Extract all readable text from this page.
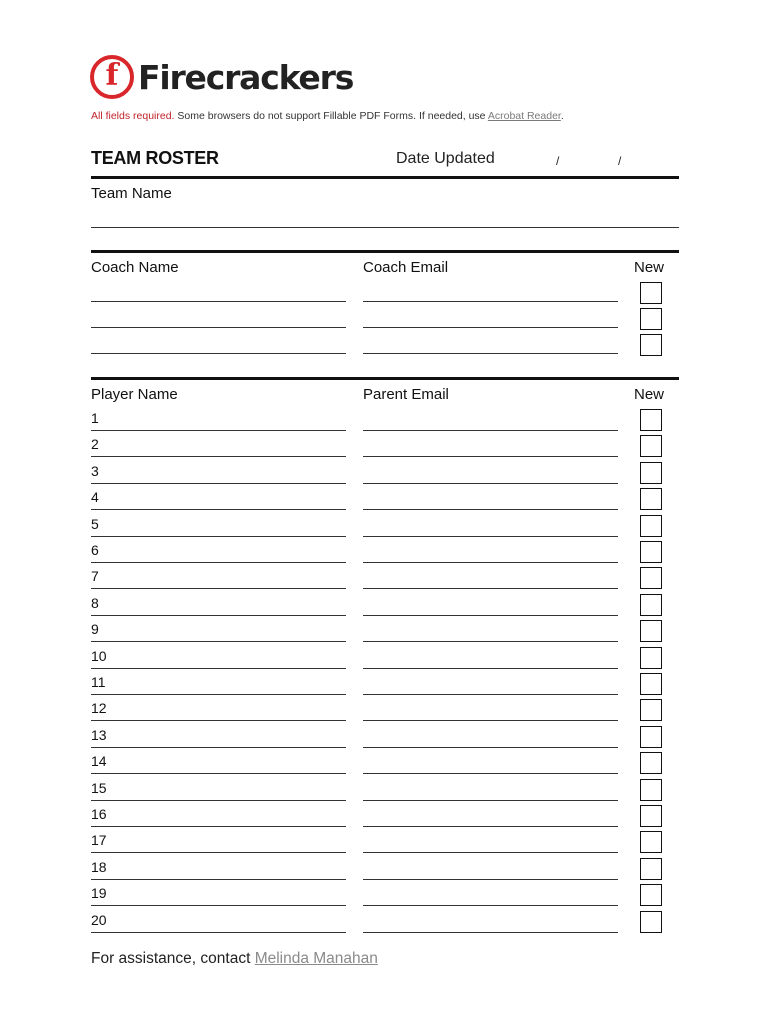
f Firecrackers
All fields required. Some browsers do not support Fillable PDF Forms. If needed, use Acrobat Reader.
TEAM ROSTER	Date Updated	/	/
Team Name
Coach Name	Coach Email	New
Player Name	Parent Email	New
1
2
3
4
5
6
7
8
9
10
11
12
13
14
15
16
17
18
19
20
For assistance, contact Melinda Manahan
